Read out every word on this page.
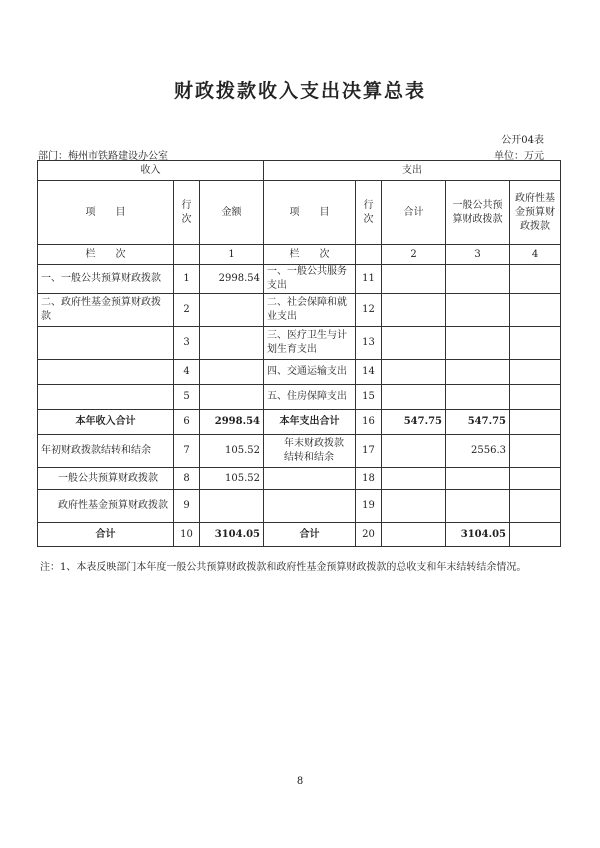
财政拨款收入支出决算总表
公开04表
部门：梅州市铁路建设办公室	单位：万元
收入			支出				
项　　目	行次	金额	项　　目	行次	合计	一般公共预算财政拨款	政府性基金预算财政拨款
栏　　次		1	栏　　次		2	3	4
一、一般公共预算财政拨款	1	2998.54	一、一般公共服务支出	11			
二、政府性基金预算财政拨款	2		二、社会保障和就业支出	12			
	3		三、医疗卫生与计划生育支出	13			
	4		四、交通运输支出	14			
	5		五、住房保障支出	15			
本年收入合计	6	2998.54	本年支出合计	16	547.75	547.75	
年初财政拨款结转和结余	7	105.52	年末财政拨款结转和结余	17		2556.3	
一般公共预算财政拨款	8	105.52		18			
政府性基金预算财政拨款	9			19			
合计	10	3104.05	合计	20		3104.05	
注：1、本表反映部门本年度一般公共预算财政拨款和政府性基金预算财政拨款的总收支和年末结转结余情况。
8
